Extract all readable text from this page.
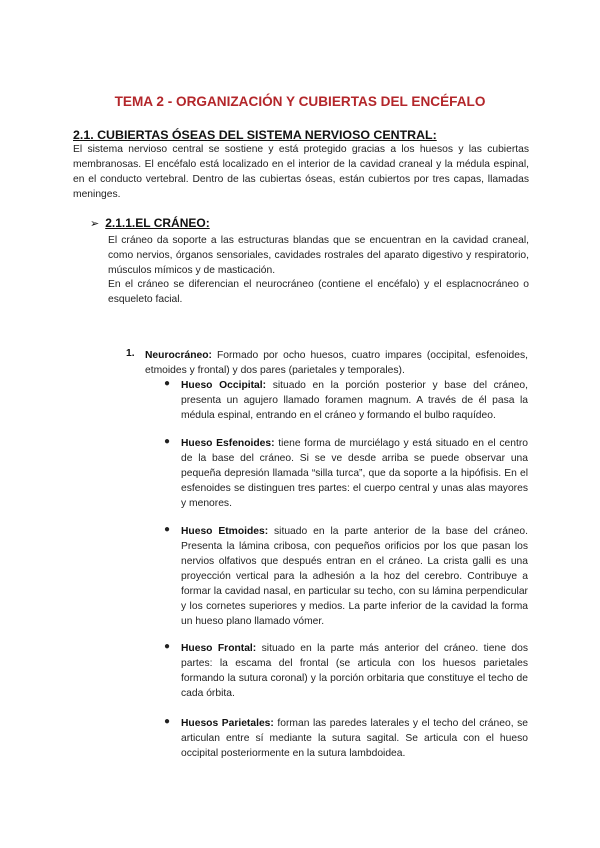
TEMA 2 - ORGANIZACIÓN Y CUBIERTAS DEL ENCÉFALO
2.1. CUBIERTAS ÓSEAS DEL SISTEMA NERVIOSO CENTRAL:
El sistema nervioso central se sostiene y está protegido gracias a los huesos y las cubiertas membranosas. El encéfalo está localizado en el interior de la cavidad craneal y la médula espinal, en el conducto vertebral. Dentro de las cubiertas óseas, están cubiertos por tres capas, llamadas meninges.
➢ 2.1.1.EL CRÁNEO:
El cráneo da soporte a las estructuras blandas que se encuentran en la cavidad craneal, como nervios, órganos sensoriales, cavidades rostrales del aparato digestivo y respiratorio, músculos mímicos y de masticación.
En el cráneo se diferencian el neurocráneo (contiene el encéfalo) y el esplacnocráneo o esqueleto facial.
1. Neurocráneo: Formado por ocho huesos, cuatro impares (occipital, esfenoides, etmoides y frontal) y dos pares (parietales y temporales).
● Hueso Occipital: situado en la porción posterior y base del cráneo, presenta un agujero llamado foramen magnum. A través de él pasa la médula espinal, entrando en el cráneo y formando el bulbo raquídeo.
● Hueso Esfenoides: tiene forma de murciélago y está situado en el centro de la base del cráneo. Si se ve desde arriba se puede observar una pequeña depresión llamada “silla turca”, que da soporte a la hipófisis. En el esfenoides se distinguen tres partes: el cuerpo central y unas alas mayores y menores.
● Hueso Etmoides: situado en la parte anterior de la base del cráneo. Presenta la lámina cribosa, con pequeños orificios por los que pasan los nervios olfativos que después entran en el cráneo. La crista galli es una proyección vertical para la adhesión a la hoz del cerebro. Contribuye a formar la cavidad nasal, en particular su techo, con su lámina perpendicular y los cornetes superiores y medios. La parte inferior de la cavidad la forma un hueso plano llamado vómer.
● Hueso Frontal: situado en la parte más anterior del cráneo. tiene dos partes: la escama del frontal (se articula con los huesos parietales formando la sutura coronal) y la porción orbitaria que constituye el techo de cada órbita.
● Huesos Parietales: forman las paredes laterales y el techo del cráneo, se articulan entre sí mediante la sutura sagital. Se articula con el hueso occipital posteriormente en la sutura lambdoidea.
